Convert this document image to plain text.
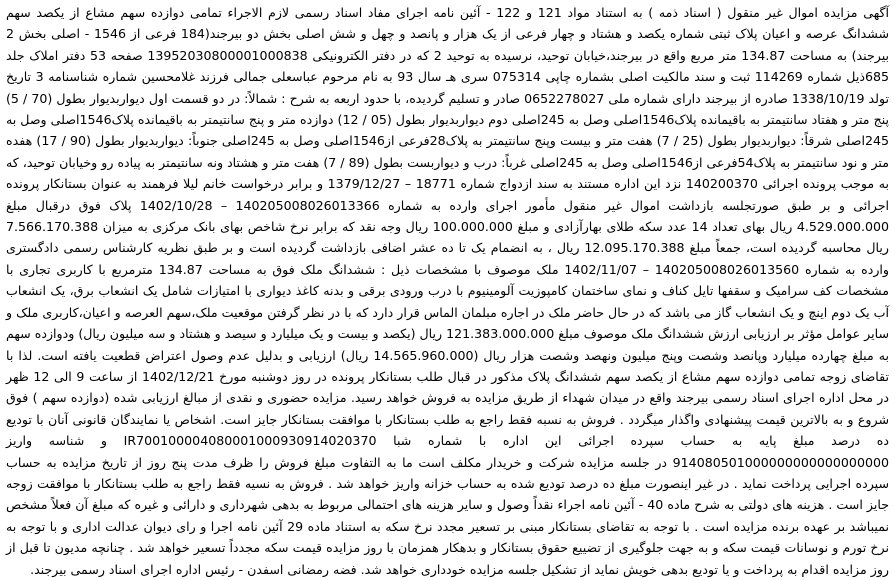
آگهی مزایده اموال غیر منقول ( اسناد ذمه ) به استناد مواد 121 و 122 - آئین نامه اجرای مفاد اسناد رسمی لازم الاجراء تمامی دوازده سهم مشاع از یکصد سهم ششدانگ عرصه و اعیان پلاک ثبتی شماره یکصد و هشتاد و چهار فرعی از یک هزار و پانصد و چهل و شش اصلی بخش دو بیرجند(184 فرعی از 1546 - اصلی بخش 2 بیرجند) به مساحت 134.87 متر مربع واقع در بیرجند،خیابان توحید، نرسیده به توحید 2 که در دفتر الکترونیکی 13952030800001000838 صفحه 53 دفتر املاک جلد 685ذیل شماره 114269 ثبت و سند مالکیت اصلی بشماره چاپی 075314 سری هـ سال 93 به نام مرحوم عباسعلی جمالی فرزند غلامحسین شماره شناسنامه 3 تاریخ تولد 1338/10/19 صادره از بیرجند دارای شماره ملی 0652278027 صادر و تسلیم گردیده، با حدود اربعه به شرح : شمالاً: در دو قسمت اول دیواربدیوار بطول (70 / 5) پنج متر و هفتاد سانتیمتر به باقیمانده پلاک1546اصلی وصل به 245اصلی دوم دیواربدیوار بطول (05 / 12) دوازده متر و پنج سانتیمتر به باقیمانده پلاک1546اصلی وصل به 245اصلی شرقاً: دیواربدیوار بطول (25 / 7) هفت متر و بیست وپنج سانتیمتر به پلاک28فرعی از1546اصلی وصل به 245اصلی جنوباً: دیواربدیوار بطول (90 / 17) هفده متر و نود سانتیمتر به پلاک54فرعی از1546اصلی وصل به 245اصلی غرباً: درب و دیواربست بطول (89 / 7) هفت متر و هشتاد ونه سانتیمتر به پیاده رو وخیابان توحید، که به موجب پرونده اجرائی 140200370 نزد این اداره مستند به سند ازدواج شماره 18771 – 1379/12/27 و برابر درخواست خانم لیلا فرهمند به عنوان بستانکار پرونده اجرائی و بر طبق صورتجلسه بازداشت اموال غیر منقول مأمور اجرای وارده به شماره 140205008026013366 – 1402/10/28 پلاک فوق درقبال مبلغ 4.529.000.000 ریال بهای تعداد 14 عدد سکه طلای بهارآزادی و مبلغ 100.000.000 ریال وجه نقد که برابر نرخ شاخص بهای بانک مرکزی به میزان 7.566.170.388 ریال محاسبه گردیده است، جمعاً مبلغ 12.095.170.388 ریال ، به انضمام یک تا ده عشر اضافی بازداشت گردیده است و بر طبق نظریه کارشناس رسمی دادگستری وارده به شماره 140205008026013560 – 1402/11/07 ملک موصوف با مشخصات ذیل : ششدانگ ملک فوق به مساحت 134.87 مترمربع با کاربری تجاری با مشخصات کف سرامیک و سقفها تایل کناف و نمای ساختمان کامپوزیت آلومینیوم با درب ورودی برقی و بدنه کاغذ دیواری با امتیازات شامل یک انشعاب برق، یک انشعاب آب یک دوم اینچ و یک انشعاب گاز می باشد که در حال حاضر ملک در اجاره مبلمان الماس قرار دارد که با در نظر گرفتن موقعیت ملک،سهم العرصه و اعیان،کاربری ملک و سایر عوامل مؤثر بر ارزیابی ارزش ششدانگ ملک موصوف مبلغ 121.383.000.000 ریال (یکصد و بیست و یک میلیارد و سیصد و هشتاد و سه میلیون ریال) ودوازده سهم به مبلغ چهارده میلیارد وپانصد وشصت وپنج میلیون ونهصد وشصت هزار ریال (14.565.960.000 ریال) ارزیابی و بدلیل عدم وصول اعتراض قطعیت یافته است. لذا با تقاضای زوجه تمامی دوازده سهم مشاع از یکصد سهم ششدانگ پلاک مذکور در قبال طلب بستانکار پرونده در روز دوشنبه مورخ 1402/12/21 از ساعت 9 الی 12 ظهر در محل اداره اجرای اسناد رسمی بیرجند واقع در میدان شهداء از طریق مزایده به فروش خواهد رسید. مزایده حضوری و نقدی از مبالغ ارزیابی شده (دوازده سهم ) فوق شروع و به بالاترین قیمت پیشنهادی واگذار میگردد . فروش به نسبه فقط راجع به طلب بستانکار با موافقت بستانکار جایز است. اشخاص یا نمایندگان قانونی آنان با تودیع ده درصد مبلغ پایه به حساب سپرده اجرائی این اداره با شماره شبا IR700100004080001000930914020370 و شناسه واریز 914080501000000000000000000 در جلسه مزایده شرکت و خریدار مکلف است ما به التفاوت مبلغ فروش را ظرف مدت پنج روز از تاریخ مزایده به حساب سپرده اجرایی پرداخت نماید . در غیر اینصورت مبلغ ده درصد تودیع شده به حساب خزانه واریز خواهد شد . فروش به نسیه فقط راجع به طلب بستانکار با موافقت زوجه جایز است . هزینه های دولتی به شرح ماده 40 - آئین نامه اجراء نقداً وصول و سایر هزینه های احتمالی مربوط به بدهی شهرداری و دارائی و غیره که مبلغ آن فعلاً مشخص نمیباشد بر عهده برنده مزایده است . با توجه به تقاضای بستانکار مبنی بر تسعیر مجدد نرخ سکه به استناد ماده 29 آئین نامه اجرا و رای دیوان عدالت اداری و با توجه به نرخ تورم و نوسانات قیمت سکه و به جهت جلوگیری از تضییع حقوق بستانکار و بدهکار همزمان با روز مزایده قیمت سکه مجدداً تسعیر خواهد شد . چنانچه مدیون تا قبل از روز مزایده اقدام به پرداخت و یا تودیع بدهی خویش نماید از تشکیل جلسه مزایده خودداری خواهد شد. فضه رمضانی اسفدن - رئیس اداره اجرای اسناد رسمی بیرجند.
